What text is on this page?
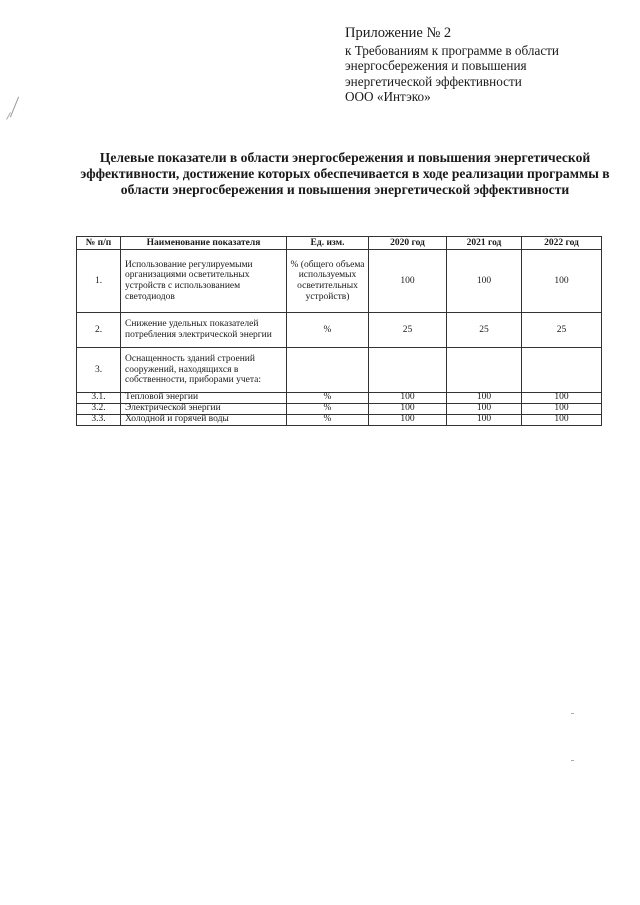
Приложение № 2
к Требованиям к программе в области
энергосбережения и повышения
энергетической эффективности
ООО «Интэко»
Целевые показатели в области энергосбережения и повышения энергетической эффективности, достижение которых обеспечивается в ходе реализации программы в области энергосбережения и повышения энергетической эффективности
№ п/п	Наименование показателя	Ед. изм.	2020 год	2021 год	2022 год
1.	Использование регулируемыми организациями осветительных устройств с использованием светодиодов	% (общего объема используемых осветительных устройств)	100	100	100
2.	Снижение удельных показателей потребления электрической энергии	%	25	25	25
3.	Оснащенность зданий строений сооружений, находящихся в собственности, приборами учета:				
3.1.	Тепловой энергии	%	100	100	100
3.2.	Электрической энергии	%	100	100	100
3.3.	Холодной и горячей воды	%	100	100	100
